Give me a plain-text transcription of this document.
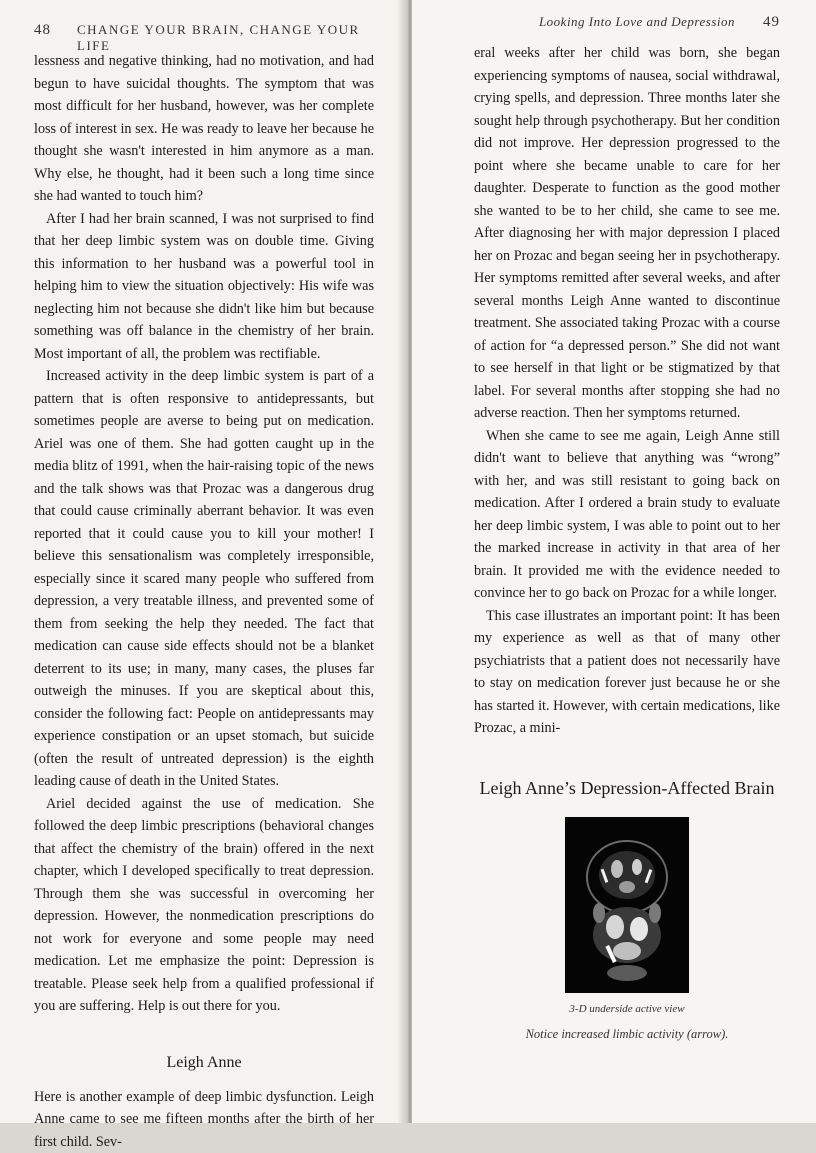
48 CHANGE YOUR BRAIN, CHANGE YOUR LIFE

lessness and negative thinking, had no motivation, and had begun to have suicidal thoughts. The symptom that was most difficult for her husband, however, was her complete loss of interest in sex. He was ready to leave her because he thought she wasn't interested in him anymore as a man. Why else, he thought, had it been such a long time since she had wanted to touch him?

After I had her brain scanned, I was not surprised to find that her deep limbic system was on double time. Giving this information to her husband was a powerful tool in helping him to view the situation objectively: His wife was neglecting him not because she didn't like him but because something was off balance in the chemistry of her brain. Most important of all, the problem was rectifiable.

Increased activity in the deep limbic system is part of a pattern that is often responsive to antidepressants, but sometimes people are averse to being put on medication. Ariel was one of them. She had gotten caught up in the media blitz of 1991, when the hair-raising topic of the news and the talk shows was that Prozac was a dangerous drug that could cause criminally aberrant behavior. It was even reported that it could cause you to kill your mother! I believe this sensationalism was completely irresponsible, especially since it scared many people who suffered from depression, a very treatable illness, and prevented some of them from seeking the help they needed. The fact that medication can cause side effects should not be a blanket deterrent to its use; in many, many cases, the pluses far outweigh the minuses. If you are skeptical about this, consider the following fact: People on antidepressants may experience constipation or an upset stomach, but suicide (often the result of untreated depression) is the eighth leading cause of death in the United States.

Ariel decided against the use of medication. She followed the deep limbic prescriptions (behavioral changes that affect the chemistry of the brain) offered in the next chapter, which I developed specifically to treat depression. Through them she was successful in overcoming her depression. However, the nonmedication prescriptions do not work for everyone and some people may need medication. Let me emphasize the point: Depression is treatable. Please seek help from a qualified professional if you are suffering. Help is out there for you.

Leigh Anne

Here is another example of deep limbic dysfunction. Leigh Anne came to see me fifteen months after the birth of her first child. Sev-

Looking Into Love and Depression 49

eral weeks after her child was born, she began experiencing symptoms of nausea, social withdrawal, crying spells, and depression. Three months later she sought help through psychotherapy. But her condition did not improve. Her depression progressed to the point where she became unable to care for her daughter. Desperate to function as the good mother she wanted to be to her child, she came to see me. After diagnosing her with major depression I placed her on Prozac and began seeing her in psychotherapy. Her symptoms remitted after several weeks, and after several months Leigh Anne wanted to discontinue treatment. She associated taking Prozac with a course of action for “a depressed person.” She did not want to see herself in that light or be stigmatized by that label. For several months after stopping she had no adverse reaction. Then her symptoms returned.

When she came to see me again, Leigh Anne still didn't want to believe that anything was “wrong” with her, and was still resistant to going back on medication. After I ordered a brain study to evaluate her deep limbic system, I was able to point out to her the marked increase in activity in that area of her brain. It provided me with the evidence needed to convince her to go back on Prozac for a while longer.

This case illustrates an important point: It has been my experience as well as that of many other psychiatrists that a patient does not necessarily have to stay on medication forever just because he or she has started it. However, with certain medications, like Prozac, a mini-

Leigh Anne’s Depression-Affected Brain
3-D underside active view
Notice increased limbic activity (arrow).
